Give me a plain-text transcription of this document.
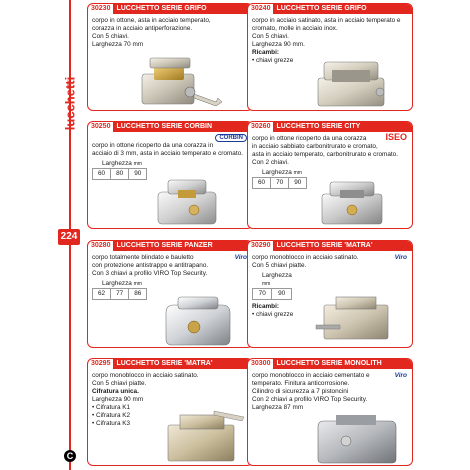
lucchetti
224
C
30230 LUCCHETTO SERIE GRIFO

corpo in ottone, asta in acciaio temperato,

corazza in acciaio antiperforazione.

Con 5 chiavi.

Larghezza 70 mm

30240 LUCCHETTO SERIE GRIFO

corpo in acciaio satinato, asta in acciaio temperato e

cromato, molle in acciaio inox.

Con 5 chiavi.

Larghezza 90 mm.

Ricambi:

• chiavi grezze

30250 LUCCHETTO SERIE CORBIN
CORBIN

corpo in ottone ricoperto da una corazza in

acciaio di 3 mm, asta in acciaio temperato e cromato.

Larghezza mm
60	80	90
30260 LUCCHETTO SERIE CITY
ISEO

corpo in ottone ricoperto da una corazza

in acciaio sabbiato carbonitrurato e cromato,

asta in acciaio temperato, carbonitrurato e cromato.

Con 2 chiavi.

Larghezza mm
60	70	90
30280 LUCCHETTO SERIE PANZER
Viro

corpo totalmente blindato e bauletto

con protezione antistrappo e antitrapano.

Con 3 chiavi a profilo VIRO Top Security.

Larghezza mm
62	77	86
30290 LUCCHETTO SERIE 'MATRA'
Viro

corpo monoblocco in acciaio satinato.

Con 5 chiavi piatte.

Larghezza mm
70	90

Ricambi:

• chiavi grezze

30295 LUCCHETTO SERIE 'MATRA'

corpo monoblocco in acciaio satinato.

Con 5 chiavi piatte.

Cifratura unica.

Larghezza 90 mm

• Cifratura K1

• Cifratura K2

• Cifratura K3

30300 LUCCHETTO SERIE MONOLITH
Viro

corpo monoblocco in acciaio cementato e

temperato. Finitura anticorrosione.

Cilindro di sicurezza a 7 pistoncini

Con 2 chiavi a profilo VIRO Top Security.

Larghezza 87 mm
